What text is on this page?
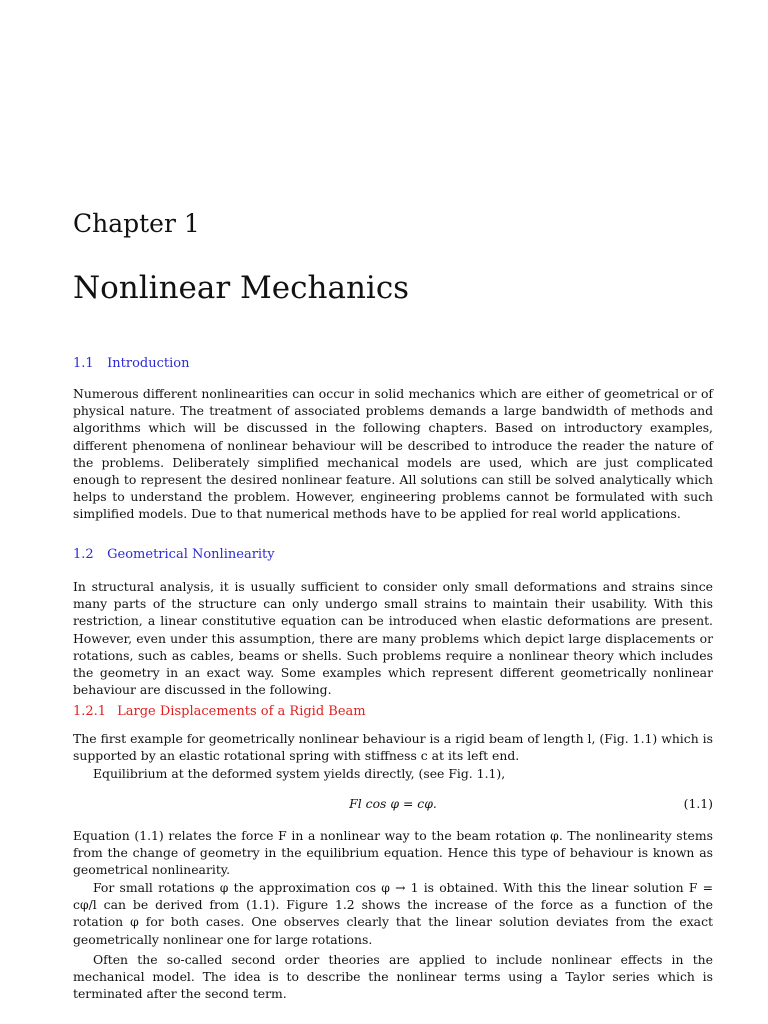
Chapter 1
Nonlinear Mechanics
1.1 Introduction

Numerous different nonlinearities can occur in solid mechanics which are either of geometrical or of physical nature. The treatment of associated problems demands a large bandwidth of methods and algorithms which will be discussed in the following chapters. Based on introductory examples, different phenomena of nonlinear behaviour will be described to introduce the reader the nature of the problems. Deliberately simplified mechanical models are used, which are just complicated enough to represent the desired nonlinear feature. All solutions can still be solved analytically which helps to understand the problem. However, engineering problems cannot be formulated with such simplified models. Due to that numerical methods have to be applied for real world applications.

1.2 Geometrical Nonlinearity

In structural analysis, it is usually sufficient to consider only small deformations and strains since many parts of the structure can only undergo small strains to maintain their usability. With this restriction, a linear constitutive equation can be introduced when elastic deformations are present. However, even under this assumption, there are many problems which depict large displacements or rotations, such as cables, beams or shells. Such problems require a nonlinear theory which includes the geometry in an exact way. Some examples which represent different geometrically nonlinear behaviour are discussed in the following.

1.2.1 Large Displacements of a Rigid Beam

The first example for geometrically nonlinear behaviour is a rigid beam of length l, (Fig. 1.1) which is supported by an elastic rotational spring with stiffness c at its left end.

Equilibrium at the deformed system yields directly, (see Fig. 1.1),

Fl cos φ = cφ.	(1.1)

Equation (1.1) relates the force F in a nonlinear way to the beam rotation φ. The nonlinearity stems from the change of geometry in the equilibrium equation. Hence this type of behaviour is known as geometrical nonlinearity.

For small rotations φ the approximation cos φ → 1 is obtained. With this the linear solution F = cφ/l can be derived from (1.1). Figure 1.2 shows the increase of the force as a function of the rotation φ for both cases. One observes clearly that the linear solution deviates from the exact geometrically nonlinear one for large rotations.

Often the so-called second order theories are applied to include nonlinear effects in the mechanical model. The idea is to describe the nonlinear terms using a Taylor series which is terminated after the second term.
